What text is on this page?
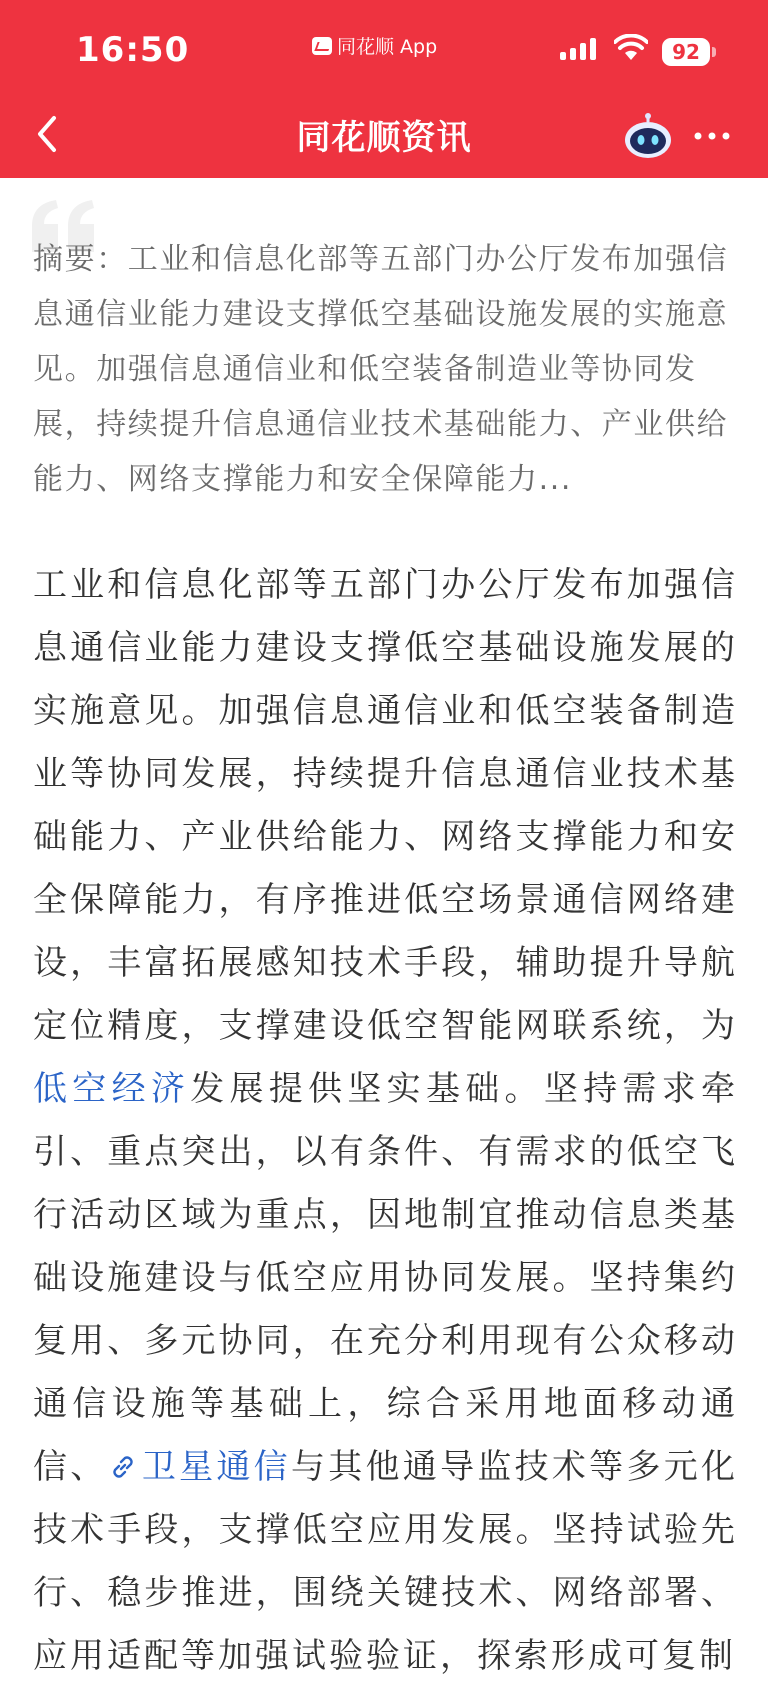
16:50	同花顺 App	92
同花顺资讯
摘要：工业和信息化部等五部门办公厅发布加强信息通信业能力建设支撑低空基础设施发展的实施意见。加强信息通信业和低空装备制造业等协同发展，持续提升信息通信业技术基础能力、产业供给能力、网络支撑能力和安全保障能力...
工业和信息化部等五部门办公厅发布加强信息通信业能力建设支撑低空基础设施发展的实施意见。加强信息通信业和低空装备制造业等协同发展，持续提升信息通信业技术基础能力、产业供给能力、网络支撑能力和安全保障能力，有序推进低空场景通信网络建设，丰富拓展感知技术手段，辅助提升导航定位精度，支撑建设低空智能网联系统，为低空经济发展提供坚实基础。坚持需求牵引、重点突出，以有条件、有需求的低空飞行活动区域为重点，因地制宜推动信息类基础设施建设与低空应用协同发展。坚持集约复用、多元协同，在充分利用现有公众移动通信设施等基础上，综合采用地面移动通信、 卫星通信与其他通导监技术等多元化技术手段，支撑低空应用发展。坚持试验先行、稳步推进，围绕关键技术、网络部署、应用适配等加强试验验证，探索形成可复制
